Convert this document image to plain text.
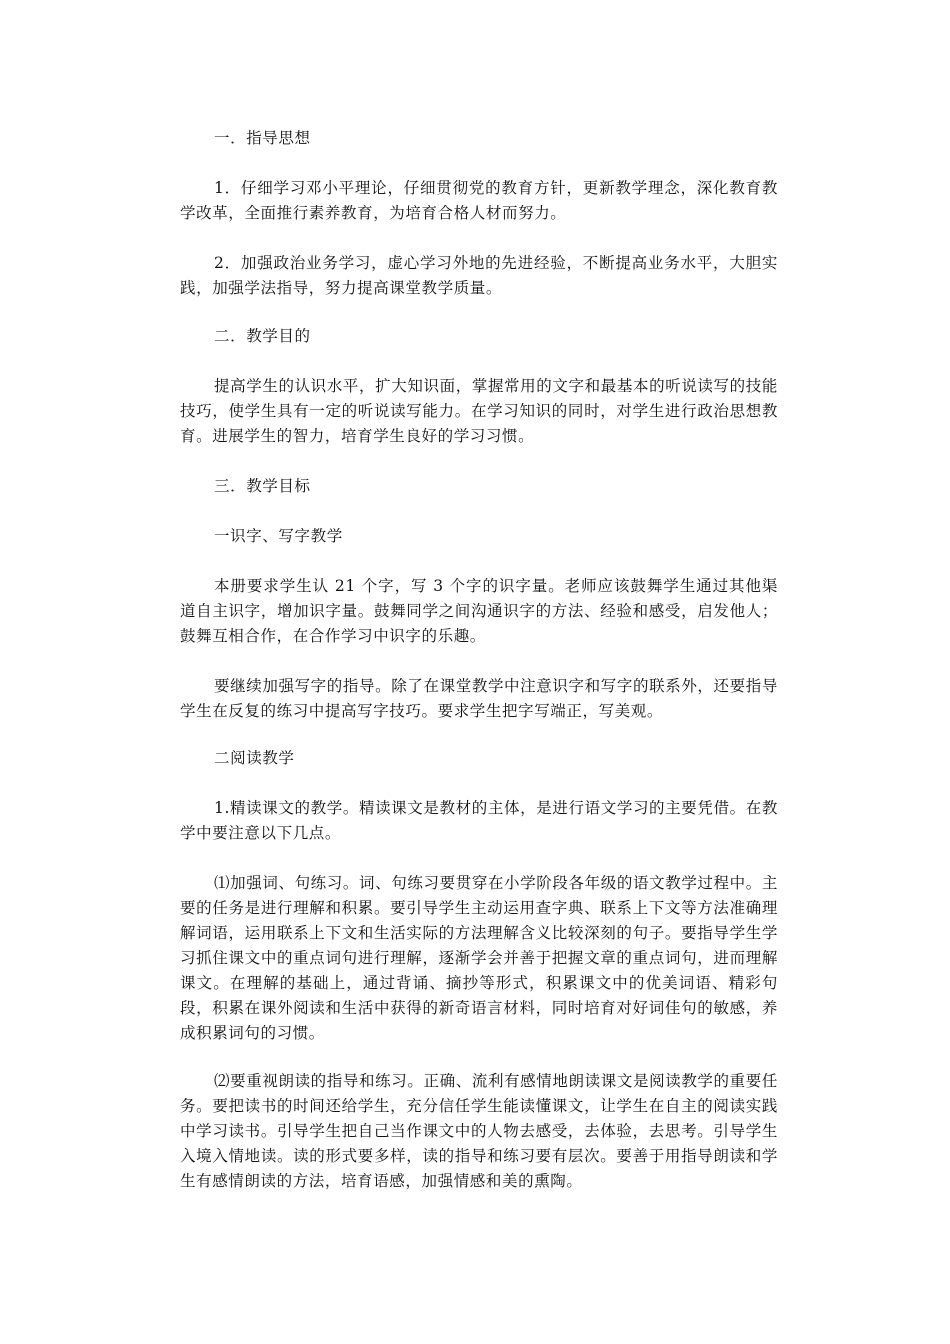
一．指导思想

1．仔细学习邓小平理论，仔细贯彻党的教育方针，更新教学理念，深化教育教学改革，全面推行素养教育，为培育合格人材而努力。

2．加强政治业务学习，虚心学习外地的先进经验，不断提高业务水平，大胆实践，加强学法指导，努力提高课堂教学质量。

二．教学目的

提高学生的认识水平，扩大知识面，掌握常用的文字和最基本的听说读写的技能技巧，使学生具有一定的听说读写能力。在学习知识的同时，对学生进行政治思想教育。进展学生的智力，培育学生良好的学习习惯。

三．教学目标

一识字、写字教学

本册要求学生认 21 个字，写 3 个字的识字量。老师应该鼓舞学生通过其他渠道自主识字，增加识字量。鼓舞同学之间沟通识字的方法、经验和感受，启发他人；鼓舞互相合作，在合作学习中识字的乐趣。

要继续加强写字的指导。除了在课堂教学中注意识字和写字的联系外，还要指导学生在反复的练习中提高写字技巧。要求学生把字写端正，写美观。

二阅读教学

1.精读课文的教学。精读课文是教材的主体，是进行语文学习的主要凭借。在教学中要注意以下几点。

⑴加强词、句练习。词、句练习要贯穿在小学阶段各年级的语文教学过程中。主要的任务是进行理解和积累。要引导学生主动运用查字典、联系上下文等方法准确理解词语，运用联系上下文和生活实际的方法理解含义比较深刻的句子。要指导学生学习抓住课文中的重点词句进行理解，逐渐学会并善于把握文章的重点词句，进而理解课文。在理解的基础上，通过背诵、摘抄等形式，积累课文中的优美词语、精彩句段，积累在课外阅读和生活中获得的新奇语言材料，同时培育对好词佳句的敏感，养成积累词句的习惯。

⑵要重视朗读的指导和练习。正确、流利有感情地朗读课文是阅读教学的重要任务。要把读书的时间还给学生，充分信任学生能读懂课文，让学生在自主的阅读实践中学习读书。引导学生把自己当作课文中的人物去感受，去体验，去思考。引导学生入境入情地读。读的形式要多样，读的指导和练习要有层次。要善于用指导朗读和学生有感情朗读的方法，培育语感，加强情感和美的熏陶。
